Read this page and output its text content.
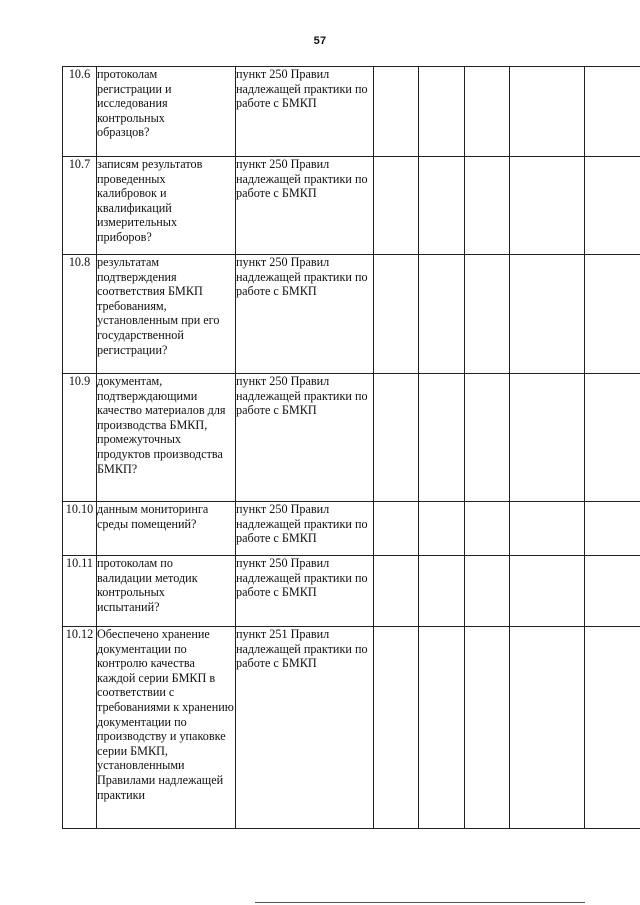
57
10.6	протоколам регистрации и исследования контрольных образцов?	пункт 250 Правил надлежащей практики по работе с БМКП					
10.7	записям результатов проведенных калибровок и квалификаций измерительных приборов?	пункт 250 Правил надлежащей практики по работе с БМКП					
10.8	результатам подтверждения соответствия БМКП требованиям, установленным при его государственной регистрации?	пункт 250 Правил надлежащей практики по работе с БМКП					
10.9	документам, подтверждающими качество материалов для производства БМКП, промежуточных продуктов производства БМКП?	пункт 250 Правил надлежащей практики по работе с БМКП					
10.10	данным мониторинга среды помещений?	пункт 250 Правил надлежащей практики по работе с БМКП					
10.11	протоколам по валидации методик контрольных испытаний?	пункт 250 Правил надлежащей практики по работе с БМКП					
10.12	Обеспечено хранение документации по контролю качества каждой серии БМКП в соответствии с требованиями к хранению документации по производству и упаковке серии БМКП, установленными Правилами надлежащей практики	пункт 251 Правил надлежащей практики по работе с БМКП					
